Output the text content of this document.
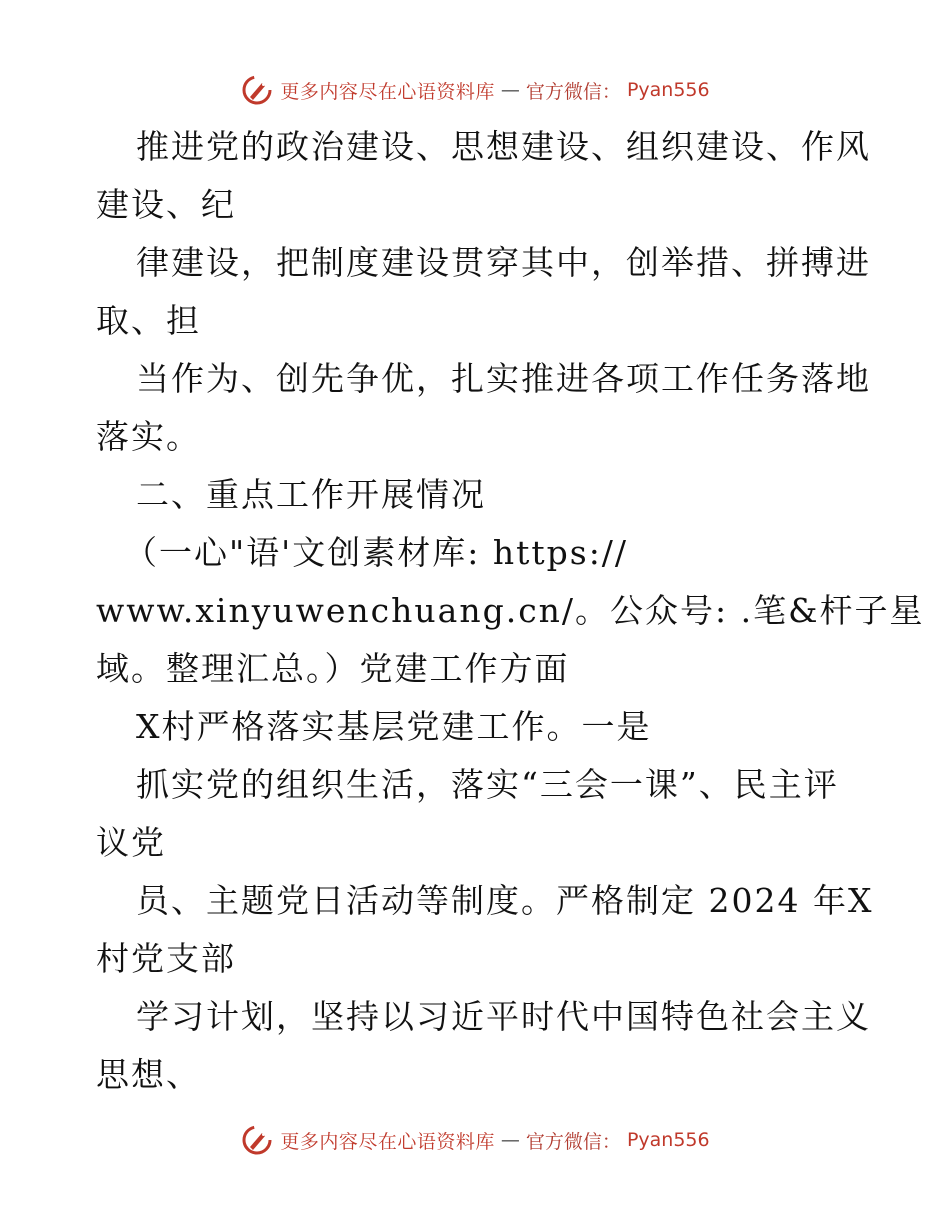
更多内容尽在心语资料库 — 官方微信： Pyan556
推进党的政治建设、思想建设、组织建设、作风
建设、纪
律建设，把制度建设贯穿其中，创举措、拼搏进
取、担
当作为、创先争优，扎实推进各项工作任务落地
落实。
二、重点工作开展情况
（一心"语'文创素材库: https://
www.xinyuwenchuang.cn/。公众号: .笔&杆子星
域。整理汇总。）党建工作方面
X村严格落实基层党建工作。一是
抓实党的组织生活，落实“三会一课”、民主评
议党
员、主题党日活动等制度。严格制定 2024 年X
村党支部
学习计划，坚持以习近平时代中国特色社会主义
思想、
更多内容尽在心语资料库 — 官方微信： Pyan556
